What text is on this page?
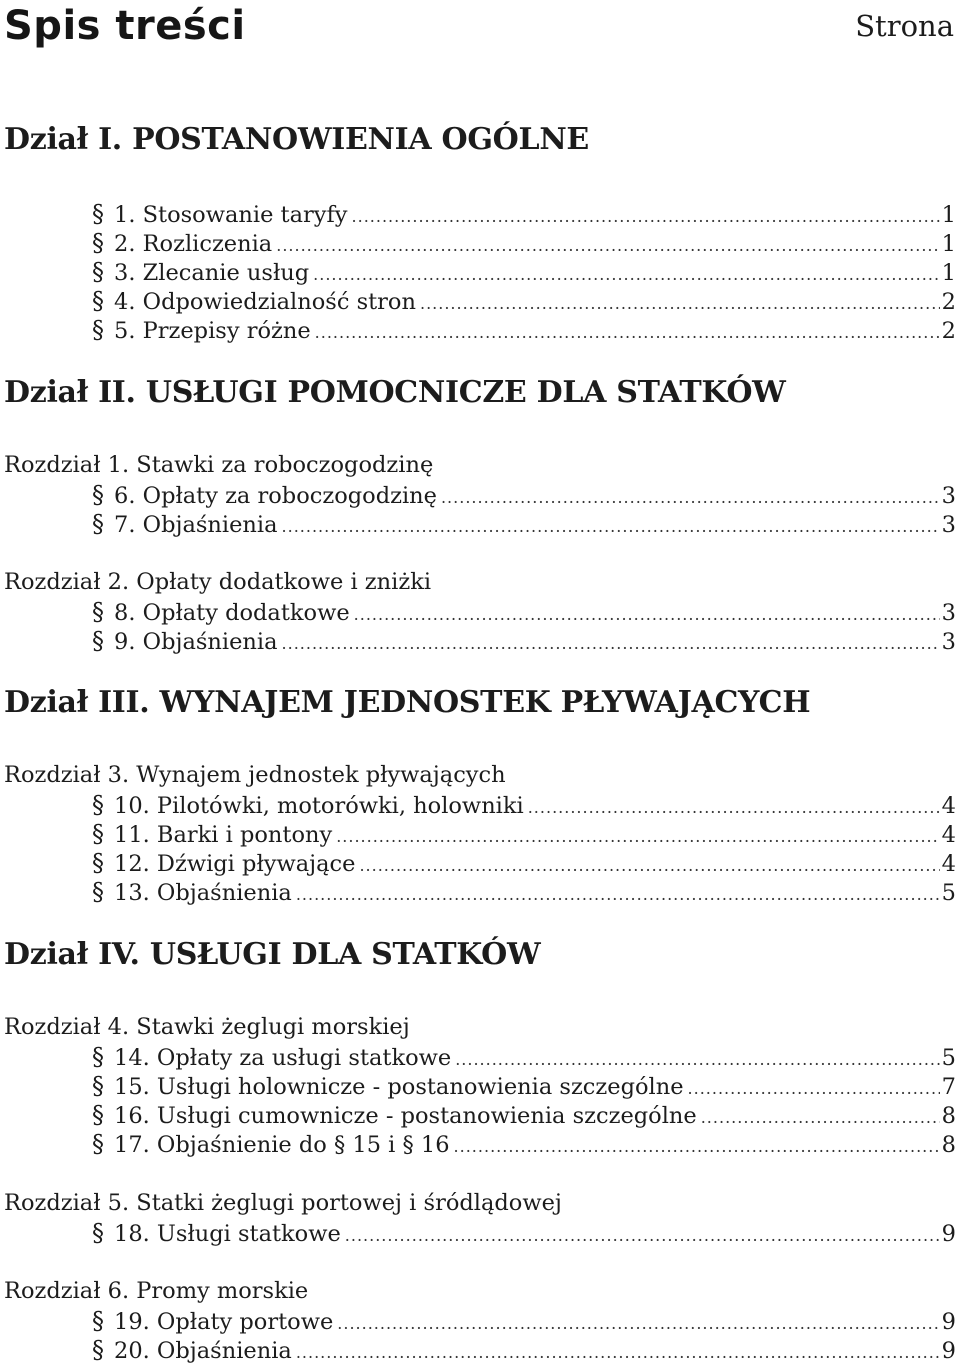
Spis treści	Strona
Dział I. POSTANOWIENIA OGÓLNE
§ 1. Stosowanie taryfy .....	1
§ 2. Rozliczenia .....	1
§ 3. Zlecanie usług .....	1
§ 4. Odpowiedzialność stron .....	2
§ 5. Przepisy różne .....	2
Dział II. USŁUGI POMOCNICZE DLA STATKÓW
Rozdział 1. Stawki za roboczogodzinę
§ 6. Opłaty za roboczogodzinę .....	3
§ 7. Objaśnienia .....	3
Rozdział 2. Opłaty dodatkowe i zniżki
§ 8. Opłaty dodatkowe .....	3
§ 9. Objaśnienia .....	3
Dział III. WYNAJEM JEDNOSTEK PŁYWAJĄCYCH
Rozdział 3. Wynajem jednostek pływających
§ 10. Pilotówki, motorówki, holowniki .....	4
§ 11. Barki i pontony .....	4
§ 12. Dźwigi pływające .....	4
§ 13. Objaśnienia .....	5
Dział IV. USŁUGI DLA STATKÓW
Rozdział 4. Stawki żeglugi morskiej
§ 14. Opłaty za usługi statkowe .....	5
§ 15. Usługi holownicze - postanowienia szczególne .....	7
§ 16. Usługi cumownicze - postanowienia szczególne .....	8
§ 17. Objaśnienie do § 15 i § 16 .....	8
Rozdział 5. Statki żeglugi portowej i śródlądowej
§ 18. Usługi statkowe .....	9
Rozdział 6. Promy morskie
§ 19. Opłaty portowe .....	9
§ 20. Objaśnienia .....	9
